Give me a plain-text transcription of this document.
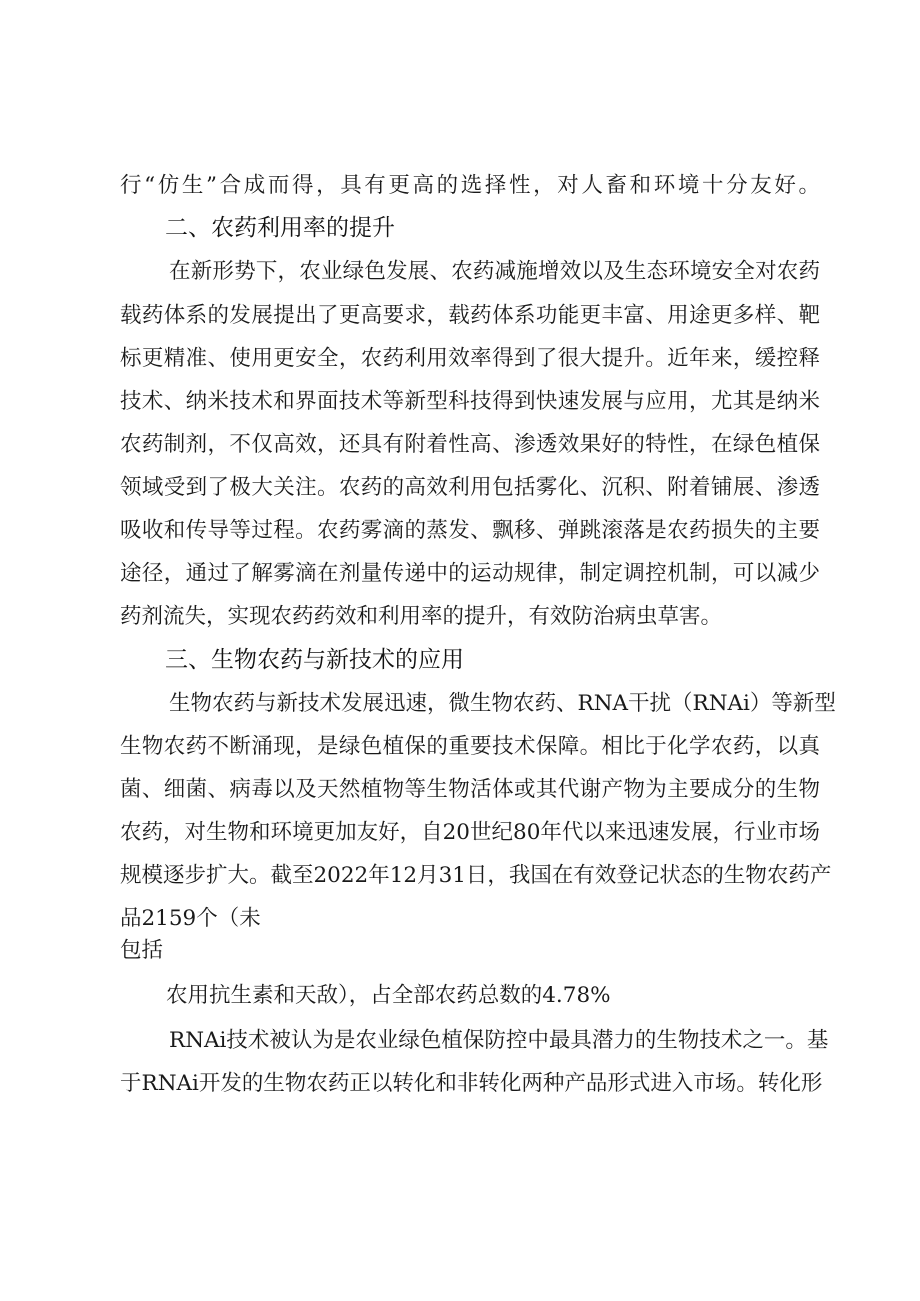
行“仿生”合成而得，具有更高的选择性，对人畜和环境十分友好。
二、农药利用率的提升
在新形势下，农业绿色发展、农药减施增效以及生态环境安全对农药
载药体系的发展提出了更高要求，载药体系功能更丰富、用途更多样、靶
标更精准、使用更安全，农药利用效率得到了很大提升。近年来，缓控释
技术、纳米技术和界面技术等新型科技得到快速发展与应用，尤其是纳米
农药制剂，不仅高效，还具有附着性高、渗透效果好的特性，在绿色植保
领域受到了极大关注。农药的高效利用包括雾化、沉积、附着铺展、渗透
吸收和传导等过程。农药雾滴的蒸发、飘移、弹跳滚落是农药损失的主要
途径，通过了解雾滴在剂量传递中的运动规律，制定调控机制，可以减少
药剂流失，实现农药药效和利用率的提升，有效防治病虫草害。
三、生物农药与新技术的应用
生物农药与新技术发展迅速，微生物农药、RNA干扰（RNAi）等新型
生物农药不断涌现，是绿色植保的重要技术保障。相比于化学农药，以真
菌、细菌、病毒以及天然植物等生物活体或其代谢产物为主要成分的生物
农药，对生物和环境更加友好，自20世纪80年代以来迅速发展，行业市场
规模逐步扩大。截至2022年12月31日，我国在有效登记状态的生物农药产
品2159个（未
包括
农用抗生素和天敌），占全部农药总数的4.78%
RNAi技术被认为是农业绿色植保防控中最具潜力的生物技术之一。基
于RNAi开发的生物农药正以转化和非转化两种产品形式进入市场。转化形
